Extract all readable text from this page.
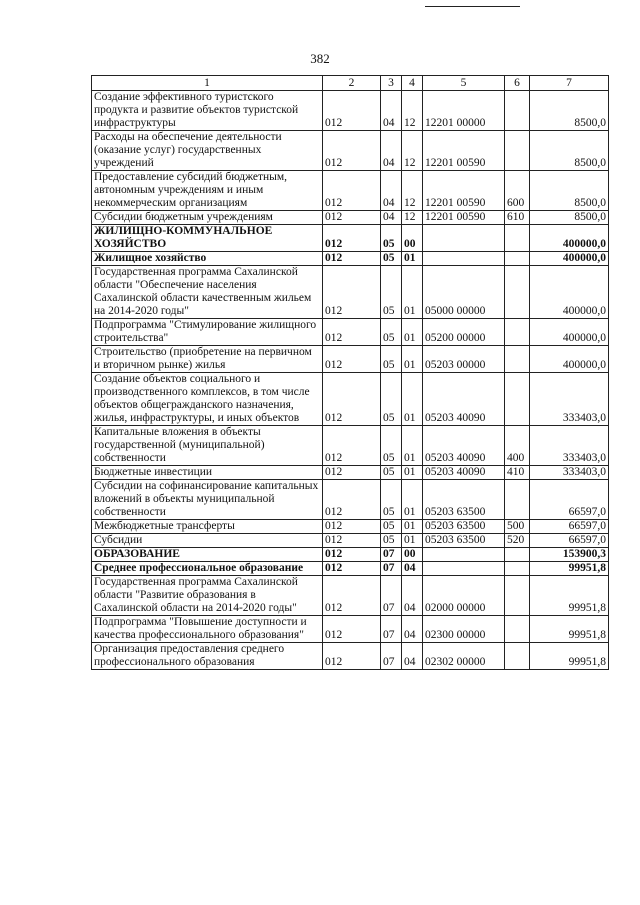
382
1	2	3	4	5	6	7
Создание эффективного туристского продукта и развитие объектов туристской инфраструктуры	012	04	12	12201 00000		8500,0
Расходы на обеспечение деятельности (оказание услуг) государственных учреждений	012	04	12	12201 00590		8500,0
Предоставление субсидий бюджетным, автономным учреждениям и иным некоммерческим организациям	012	04	12	12201 00590	600	8500,0
Субсидии бюджетным учреждениям	012	04	12	12201 00590	610	8500,0
ЖИЛИЩНО-КОММУНАЛЬНОЕ ХОЗЯЙСТВО	012	05	00			400000,0
Жилищное хозяйство	012	05	01			400000,0
Государственная программа Сахалинской области "Обеспечение населения Сахалинской области качественным жильем на 2014-2020 годы"	012	05	01	05000 00000		400000,0
Подпрограмма "Стимулирование жилищного строительства"	012	05	01	05200 00000		400000,0
Строительство (приобретение на первичном и вторичном рынке) жилья	012	05	01	05203 00000		400000,0
Создание объектов социального и производственного комплексов, в том числе объектов общегражданского назначения, жилья, инфраструктуры, и иных объектов	012	05	01	05203 40090		333403,0
Капитальные вложения в объекты государственной (муниципальной) собственности	012	05	01	05203 40090	400	333403,0
Бюджетные инвестиции	012	05	01	05203 40090	410	333403,0
Субсидии на софинансирование капитальных вложений в объекты муниципальной собственности	012	05	01	05203 63500		66597,0
Межбюджетные трансферты	012	05	01	05203 63500	500	66597,0
Субсидии	012	05	01	05203 63500	520	66597,0
ОБРАЗОВАНИЕ	012	07	00			153900,3
Среднее профессиональное образование	012	07	04			99951,8
Государственная программа Сахалинской области "Развитие образования в Сахалинской области на 2014-2020 годы"	012	07	04	02000 00000		99951,8
Подпрограмма "Повышение доступности и качества профессионального образования"	012	07	04	02300 00000		99951,8
Организация предоставления среднего профессионального образования	012	07	04	02302 00000		99951,8
